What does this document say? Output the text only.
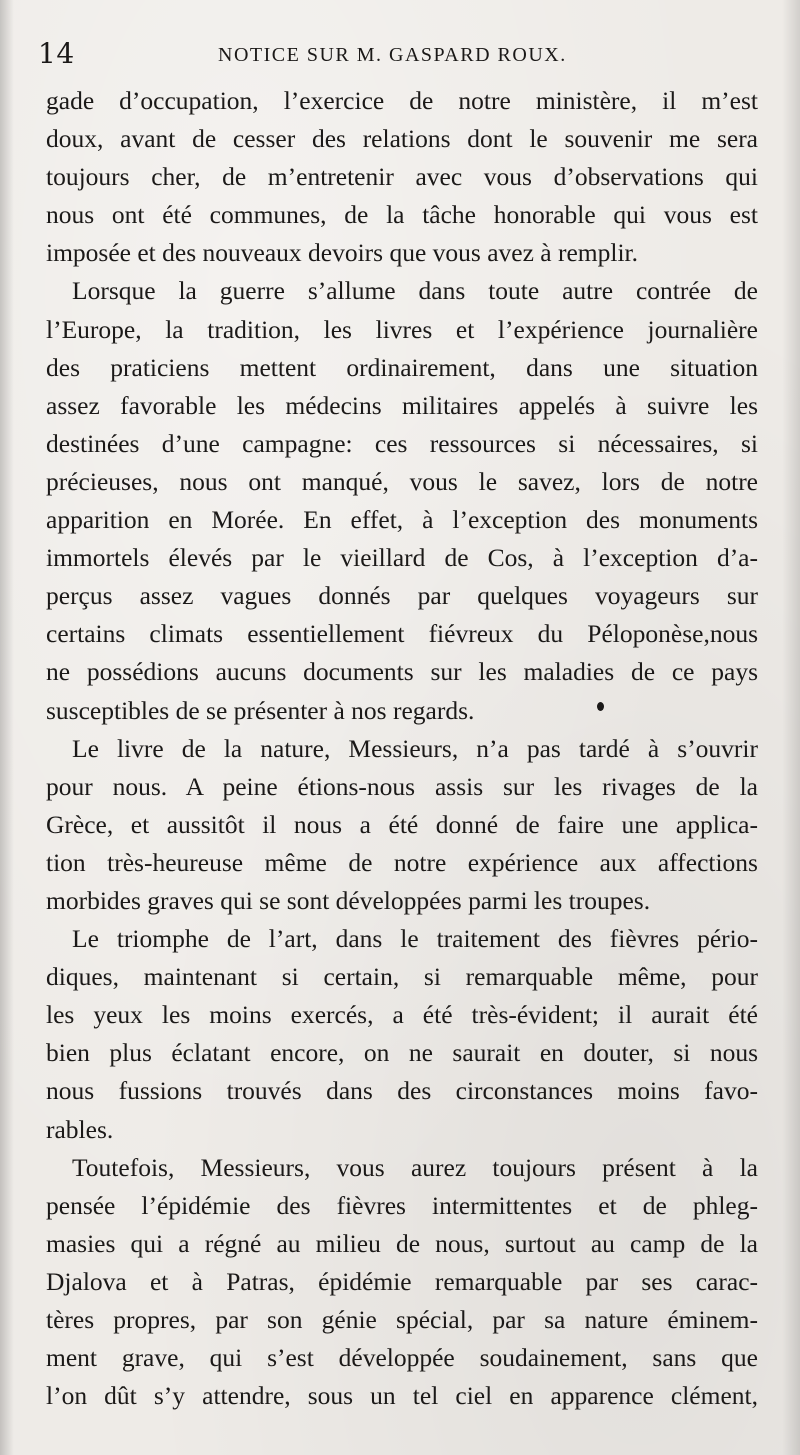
14	NOTICE SUR M. GASPARD ROUX.
gade d’occupation, l’exercice de notre ministère, il m’est
doux, avant de cesser des relations dont le souvenir me sera
toujours cher, de m’entretenir avec vous d’observations qui
nous ont été communes, de la tâche honorable qui vous est
imposée et des nouveaux devoirs que vous avez à remplir.
Lorsque la guerre s’allume dans toute autre contrée de
l’Europe, la tradition, les livres et l’expérience journalière
des praticiens mettent ordinairement, dans une situation
assez favorable les médecins militaires appelés à suivre les
destinées d’une campagne: ces ressources si nécessaires, si
précieuses, nous ont manqué, vous le savez, lors de notre
apparition en Morée. En effet, à l’exception des monuments
immortels élevés par le vieillard de Cos, à l’exception d’a-
perçus assez vagues donnés par quelques voyageurs sur
certains climats essentiellement fiévreux du Péloponèse,nous
ne possédions aucuns documents sur les maladies de ce pays
susceptibles de se présenter à nos regards.
Le livre de la nature, Messieurs, n’a pas tardé à s’ouvrir
pour nous. A peine étions-nous assis sur les rivages de la
Grèce, et aussitôt il nous a été donné de faire une applica-
tion très-heureuse même de notre expérience aux affections
morbides graves qui se sont développées parmi les troupes.
Le triomphe de l’art, dans le traitement des fièvres pério-
diques, maintenant si certain, si remarquable même, pour
les yeux les moins exercés, a été très-évident; il aurait été
bien plus éclatant encore, on ne saurait en douter, si nous
nous fussions trouvés dans des circonstances moins favo-
rables.
Toutefois, Messieurs, vous aurez toujours présent à la
pensée l’épidémie des fièvres intermittentes et de phleg-
masies qui a régné au milieu de nous, surtout au camp de la
Djalova et à Patras, épidémie remarquable par ses carac-
tères propres, par son génie spécial, par sa nature éminem-
ment grave, qui s’est développée soudainement, sans que
l’on dût s’y attendre, sous un tel ciel en apparence clément,
